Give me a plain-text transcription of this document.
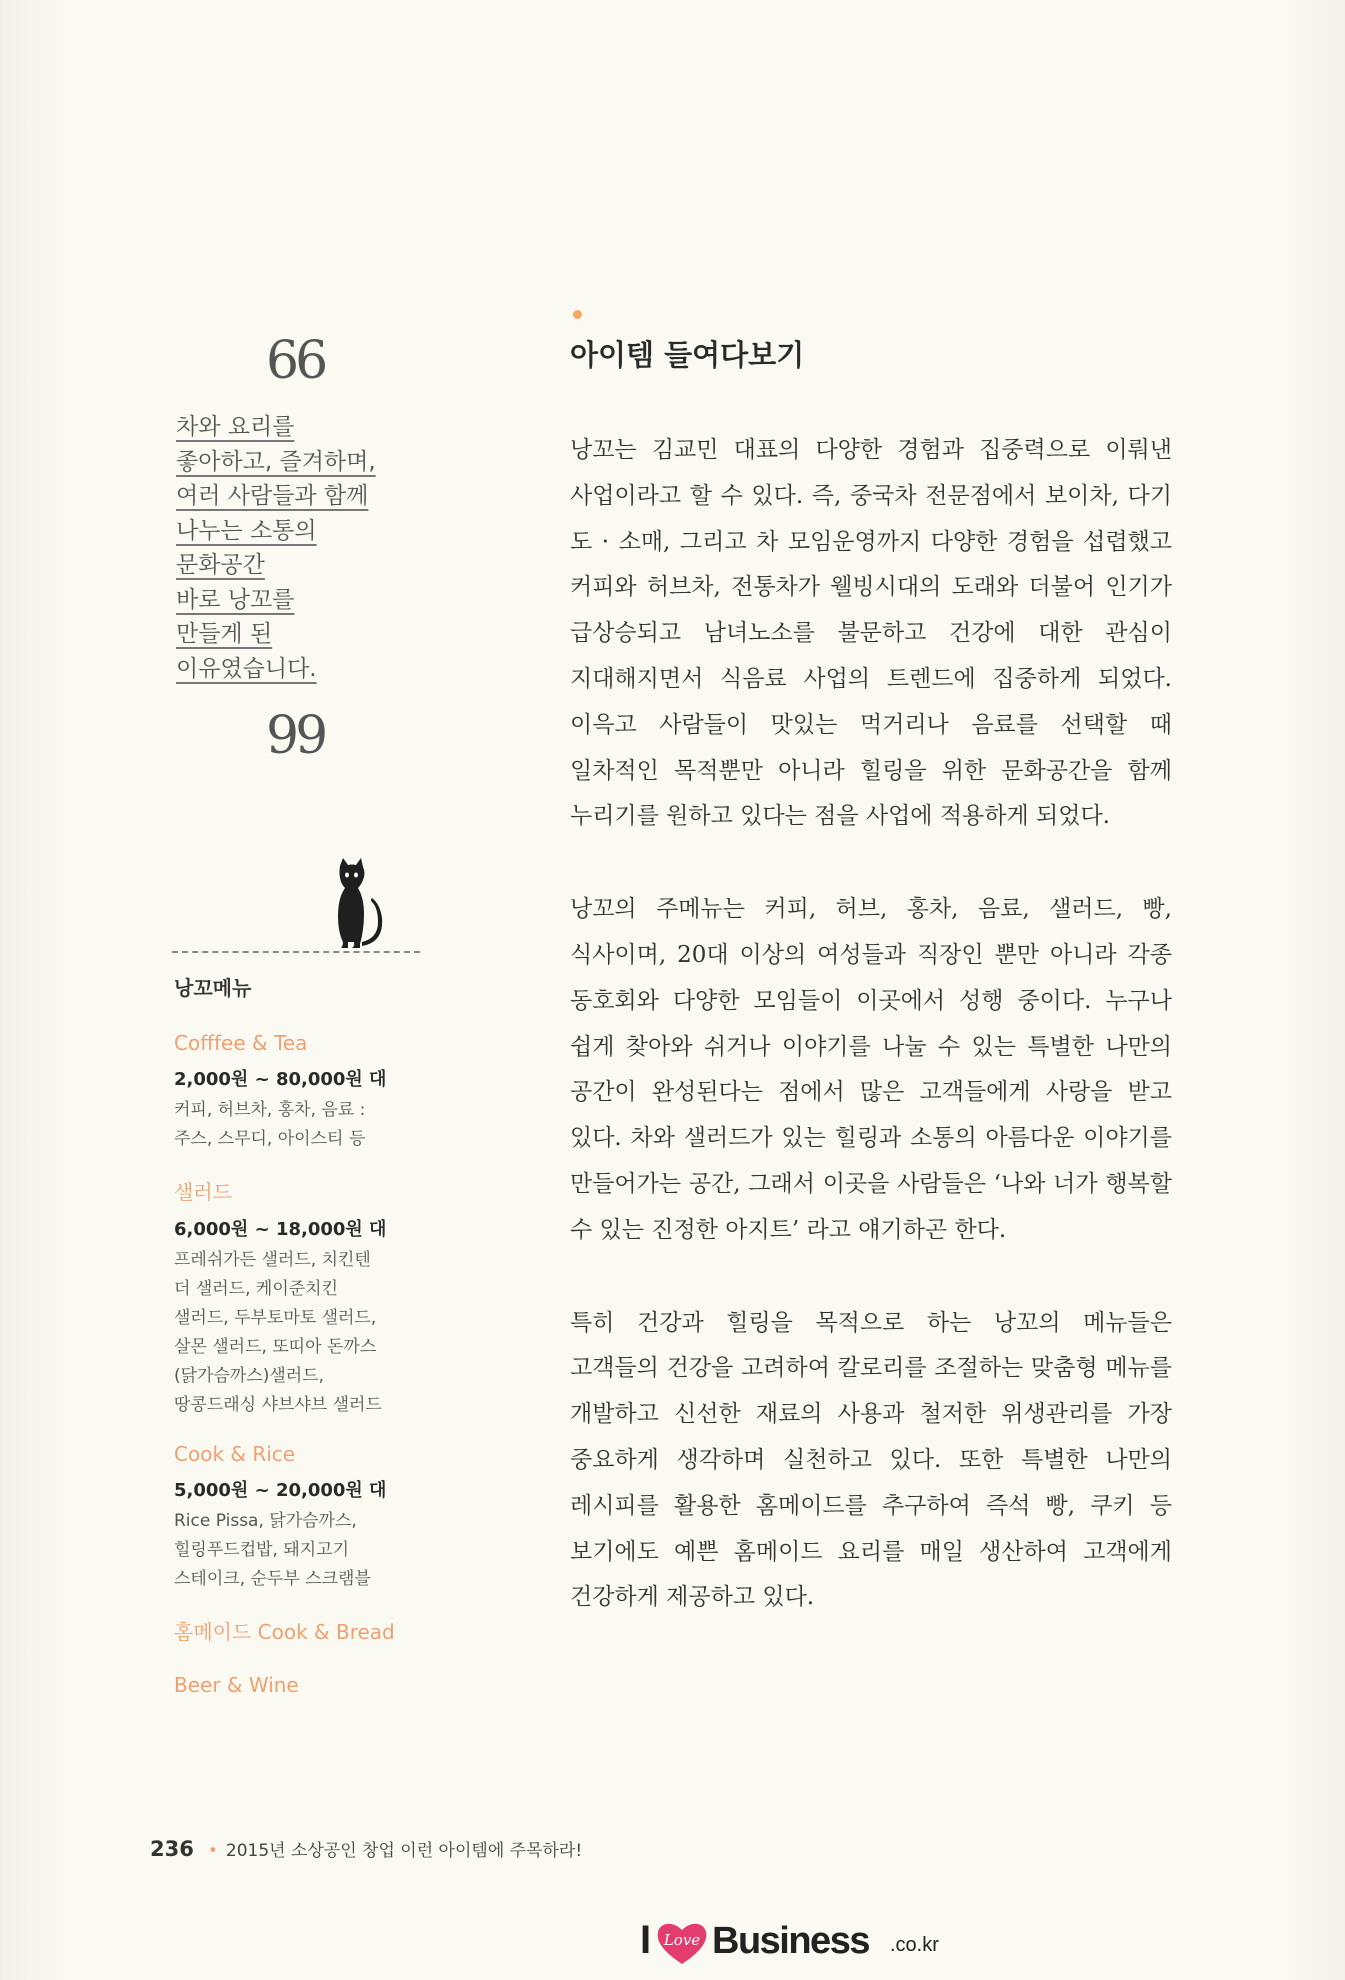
66
차와 요리를
좋아하고, 즐겨하며,
여러 사람들과 함께
나누는 소통의
문화공간
바로 낭꼬를
만들게 된
이유였습니다.
99
낭꼬메뉴
Cofffee & Tea
2,000원 ~ 80,000원 대
커피, 허브차, 홍차, 음료 :
주스, 스무디, 아이스티 등
샐러드
6,000원 ~ 18,000원 대
프레쉬가든 샐러드, 치킨텐
더 샐러드, 케이준치킨
샐러드, 두부토마토 샐러드,
살몬 샐러드, 또띠아 돈까스
(닭가슴까스)샐러드,
땅콩드래싱 샤브샤브 샐러드
Cook & Rice
5,000원 ~ 20,000원 대
Rice Pissa, 닭가슴까스,
힐링푸드컵밥, 돼지고기
스테이크, 순두부 스크램블
홈메이드 Cook & Bread
Beer & Wine
아이템 들여다보기

낭꼬는 김교민 대표의 다양한 경험과 집중력으로 이뤄낸 사업이라고 할 수 있다. 즉, 중국차 전문점에서 보이차, 다기 도 · 소매, 그리고 차 모임운영까지 다양한 경험을 섭렵했고 커피와 허브차, 전통차가 웰빙시대의 도래와 더불어 인기가 급상승되고 남녀노소를 불문하고 건강에 대한 관심이 지대해지면서 식음료 사업의 트렌드에 집중하게 되었다. 이윽고 사람들이 맛있는 먹거리나 음료를 선택할 때 일차적인 목적뿐만 아니라 힐링을 위한 문화공간을 함께 누리기를 원하고 있다는 점을 사업에 적용하게 되었다.

낭꼬의 주메뉴는 커피, 허브, 홍차, 음료, 샐러드, 빵, 식사이며, 20대 이상의 여성들과 직장인 뿐만 아니라 각종 동호회와 다양한 모임들이 이곳에서 성행 중이다. 누구나 쉽게 찾아와 쉬거나 이야기를 나눌 수 있는 특별한 나만의 공간이 완성된다는 점에서 많은 고객들에게 사랑을 받고 있다. 차와 샐러드가 있는 힐링과 소통의 아름다운 이야기를 만들어가는 공간, 그래서 이곳을 사람들은 ‘나와 너가 행복할 수 있는 진정한 아지트’ 라고 얘기하곤 한다.

특히 건강과 힐링을 목적으로 하는 낭꼬의 메뉴들은 고객들의 건강을 고려하여 칼로리를 조절하는 맞춤형 메뉴를 개발하고 신선한 재료의 사용과 철저한 위생관리를 가장 중요하게 생각하며 실천하고 있다. 또한 특별한 나만의 레시피를 활용한 홈메이드를 추구하여 즉석 빵, 쿠키 등 보기에도 예쁜 홈메이드 요리를 매일 생산하여 고객에게 건강하게 제공하고 있다.

236 • 2015년 소상공인 창업 이런 아이템에 주목하라!
I Love Business .co.kr
